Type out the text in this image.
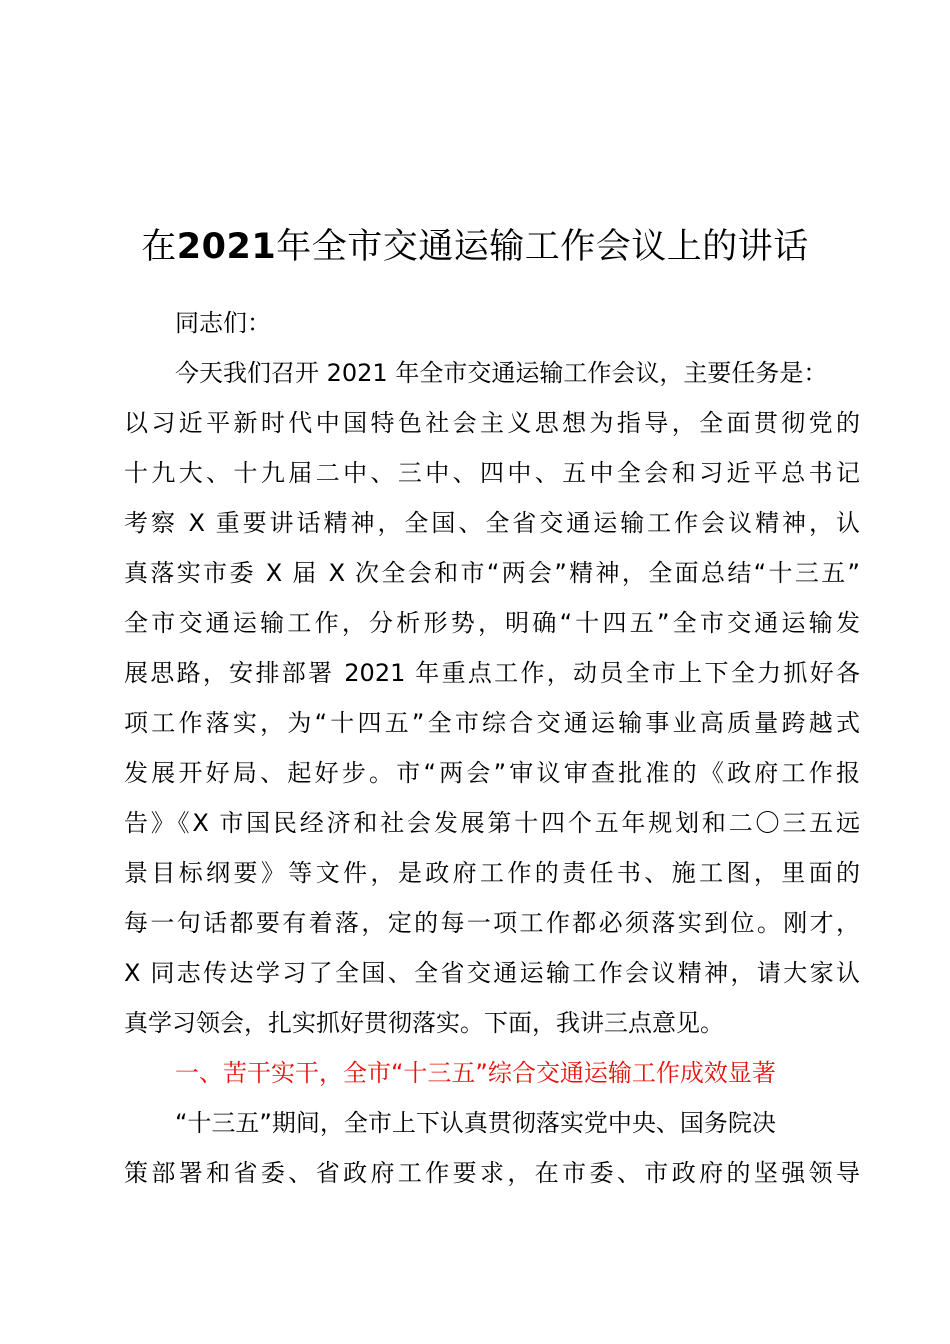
在2021年全市交通运输工作会议上的讲话
同志们：
今天我们召开 2021 年全市交通运输工作会议，主要任务是：
以习近平新时代中国特色社会主义思想为指导，全面贯彻党的
十九大、十九届二中、三中、四中、五中全会和习近平总书记
考察 X 重要讲话精神，全国、全省交通运输工作会议精神，认
真落实市委 X 届 X 次全会和市“两会”精神，全面总结“十三五”
全市交通运输工作，分析形势，明确“十四五”全市交通运输发
展思路，安排部署 2021 年重点工作，动员全市上下全力抓好各
项工作落实，为“十四五”全市综合交通运输事业高质量跨越式
发展开好局、起好步。市“两会”审议审查批准的《政府工作报
告》《X 市国民经济和社会发展第十四个五年规划和二〇三五远
景目标纲要》等文件，是政府工作的责任书、施工图，里面的
每一句话都要有着落，定的每一项工作都必须落实到位。刚才，
X 同志传达学习了全国、全省交通运输工作会议精神，请大家认
真学习领会，扎实抓好贯彻落实。下面，我讲三点意见。
一、苦干实干，全市“十三五”综合交通运输工作成效显著
“十三五”期间，全市上下认真贯彻落实党中央、国务院决
策部署和省委、省政府工作要求，在市委、市政府的坚强领导
